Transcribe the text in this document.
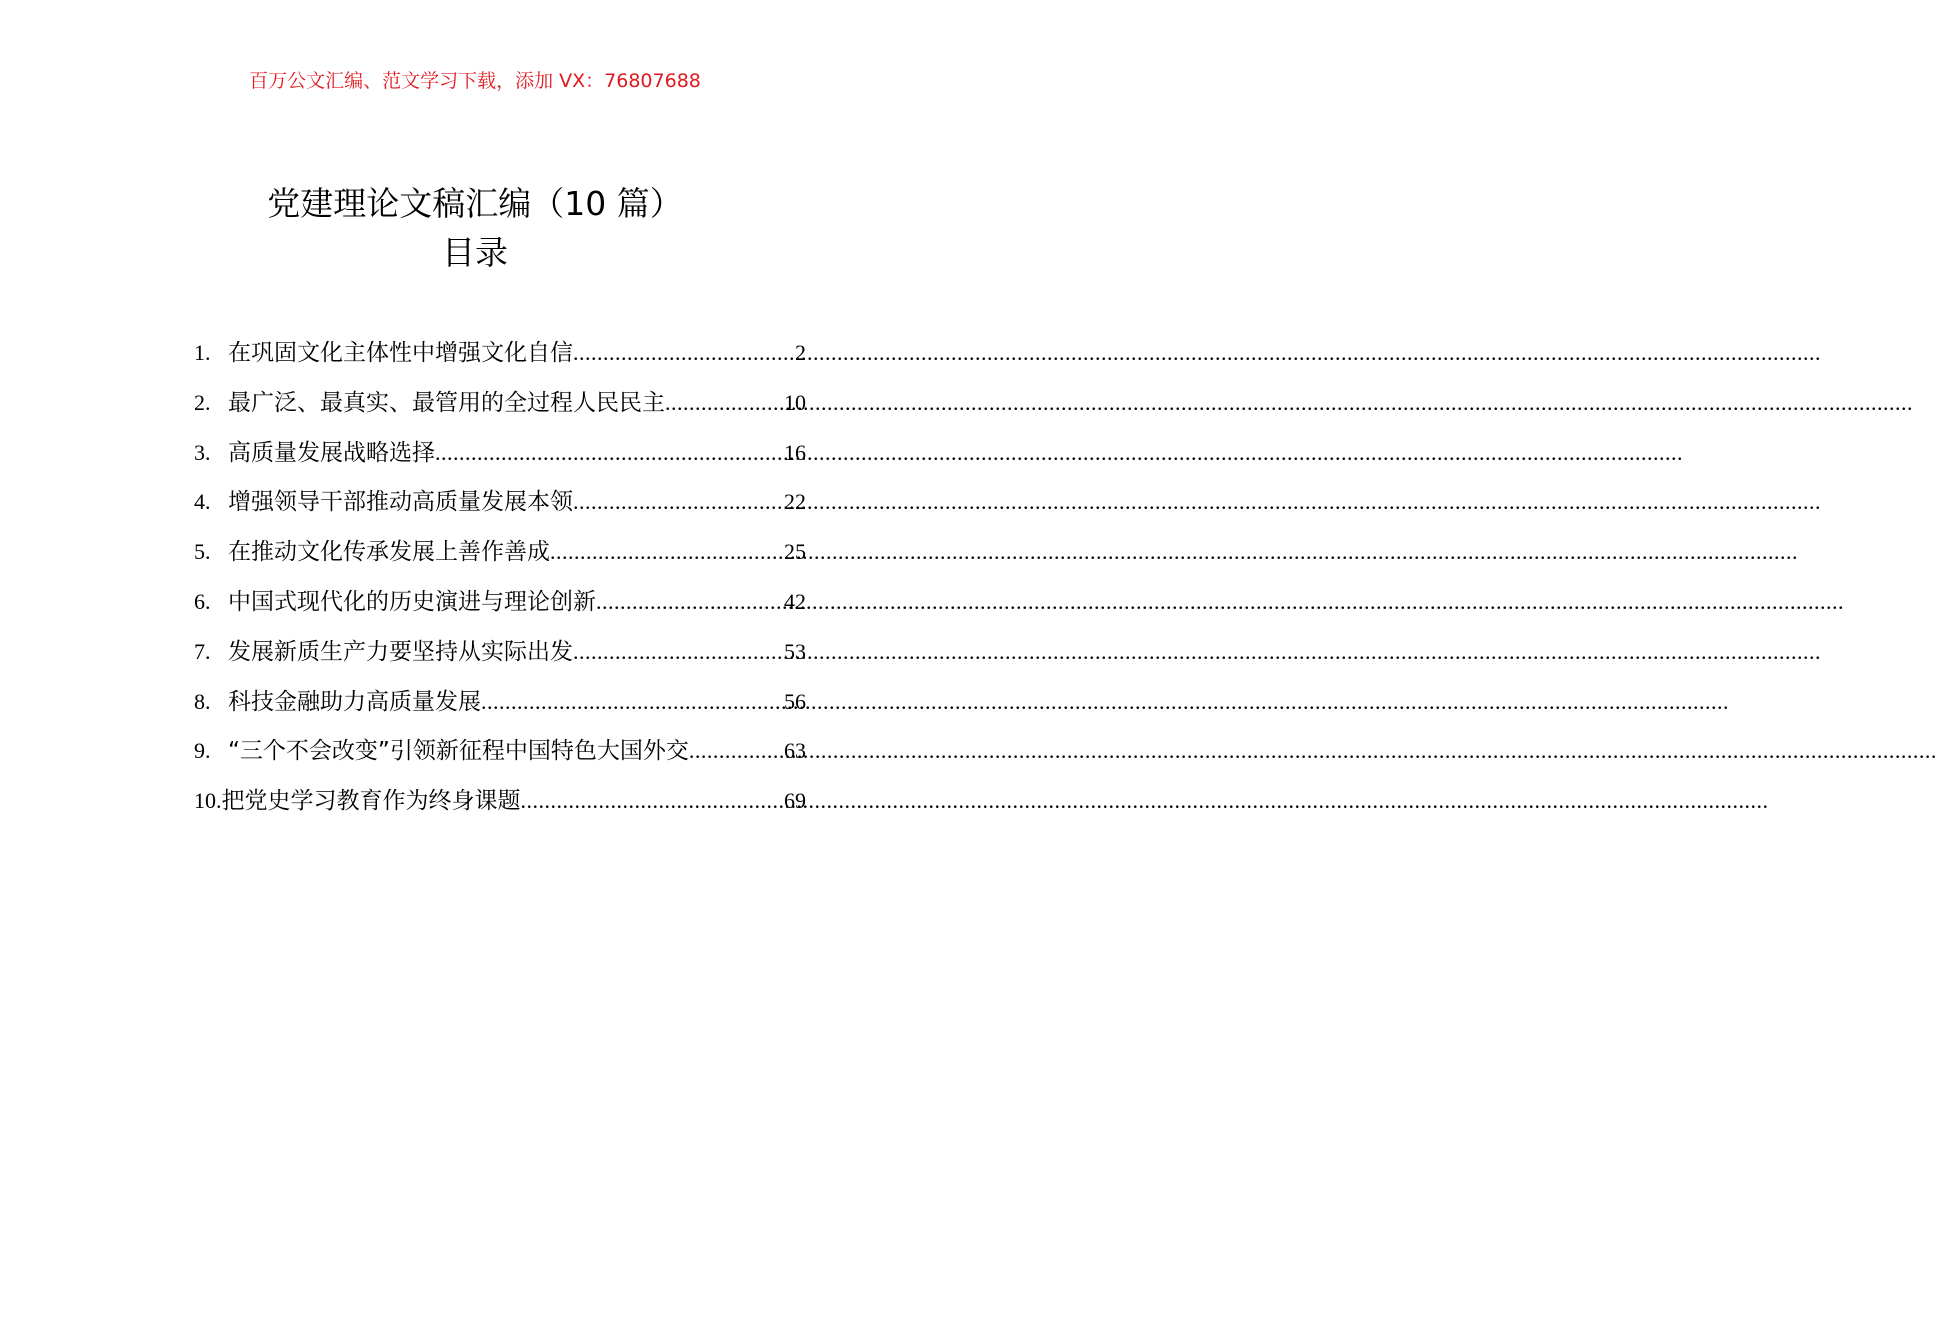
百万公文汇编、范文学习下载，添加 VX：76807688
党建理论文稿汇编（10 篇）
目录
1. 在巩固文化主体性中增强文化自信 .....	2
2. 最广泛、最真实、最管用的全过程人民民主 .....	10
3. 高质量发展战略选择 .....	16
4. 增强领导干部推动高质量发展本领 .....	22
5. 在推动文化传承发展上善作善成 .....	25
6. 中国式现代化的历史演进与理论创新 .....	42
7. 发展新质生产力要坚持从实际出发 .....	53
8. 科技金融助力高质量发展 .....	56
9. “三个不会改变”引领新征程中国特色大国外交 .....	63
10. 把党史学习教育作为终身课题 .....	69
